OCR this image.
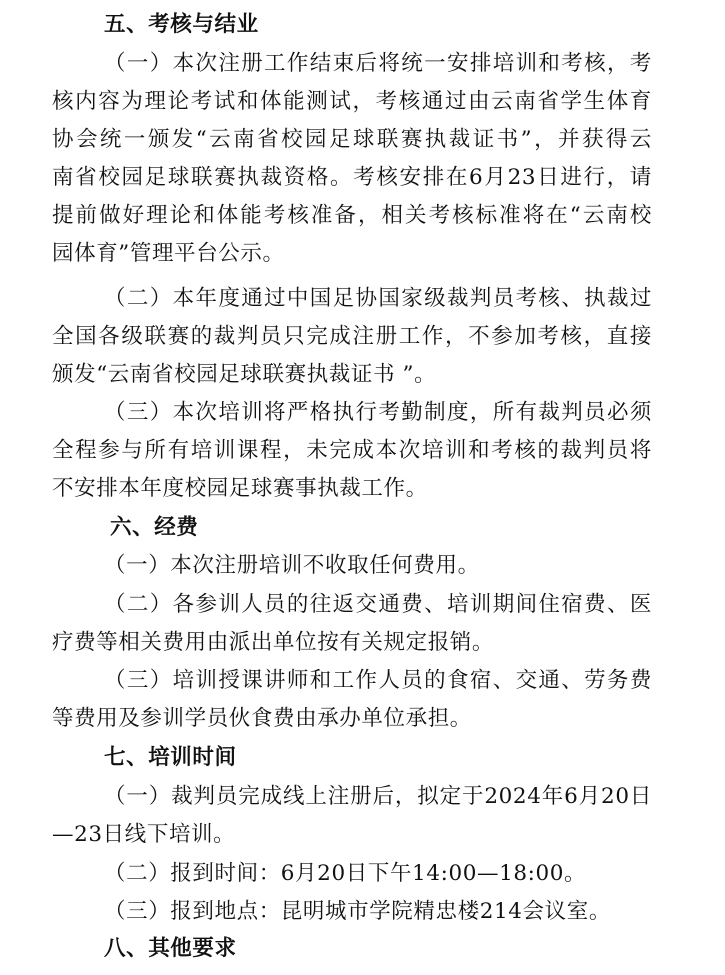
五、考核与结业
（一）本次注册工作结束后将统一安排培训和考核，考
核内容为理论考试和体能测试，考核通过由云南省学生体育
协会统一颁发“云南省校园足球联赛执裁证书”，并获得云
南省校园足球联赛执裁资格。考核安排在6月23日进行，请
提前做好理论和体能考核准备，相关考核标准将在“云南校
园体育”管理平台公示。
（二）本年度通过中国足协国家级裁判员考核、执裁过
全国各级联赛的裁判员只完成注册工作，不参加考核，直接
颁发“云南省校园足球联赛执裁证书 ”。
（三）本次培训将严格执行考勤制度，所有裁判员必须
全程参与所有培训课程，未完成本次培训和考核的裁判员将
不安排本年度校园足球赛事执裁工作。
六、经费
（一）本次注册培训不收取任何费用。
（二）各参训人员的往返交通费、培训期间住宿费、医
疗费等相关费用由派出单位按有关规定报销。
（三）培训授课讲师和工作人员的食宿、交通、劳务费
等费用及参训学员伙食费由承办单位承担。
七、培训时间
（一）裁判员完成线上注册后，拟定于2024年6月20日
—23日线下培训。
（二）报到时间：6月20日下午14:00—18:00。
（三）报到地点：昆明城市学院精忠楼214会议室。
八、其他要求
